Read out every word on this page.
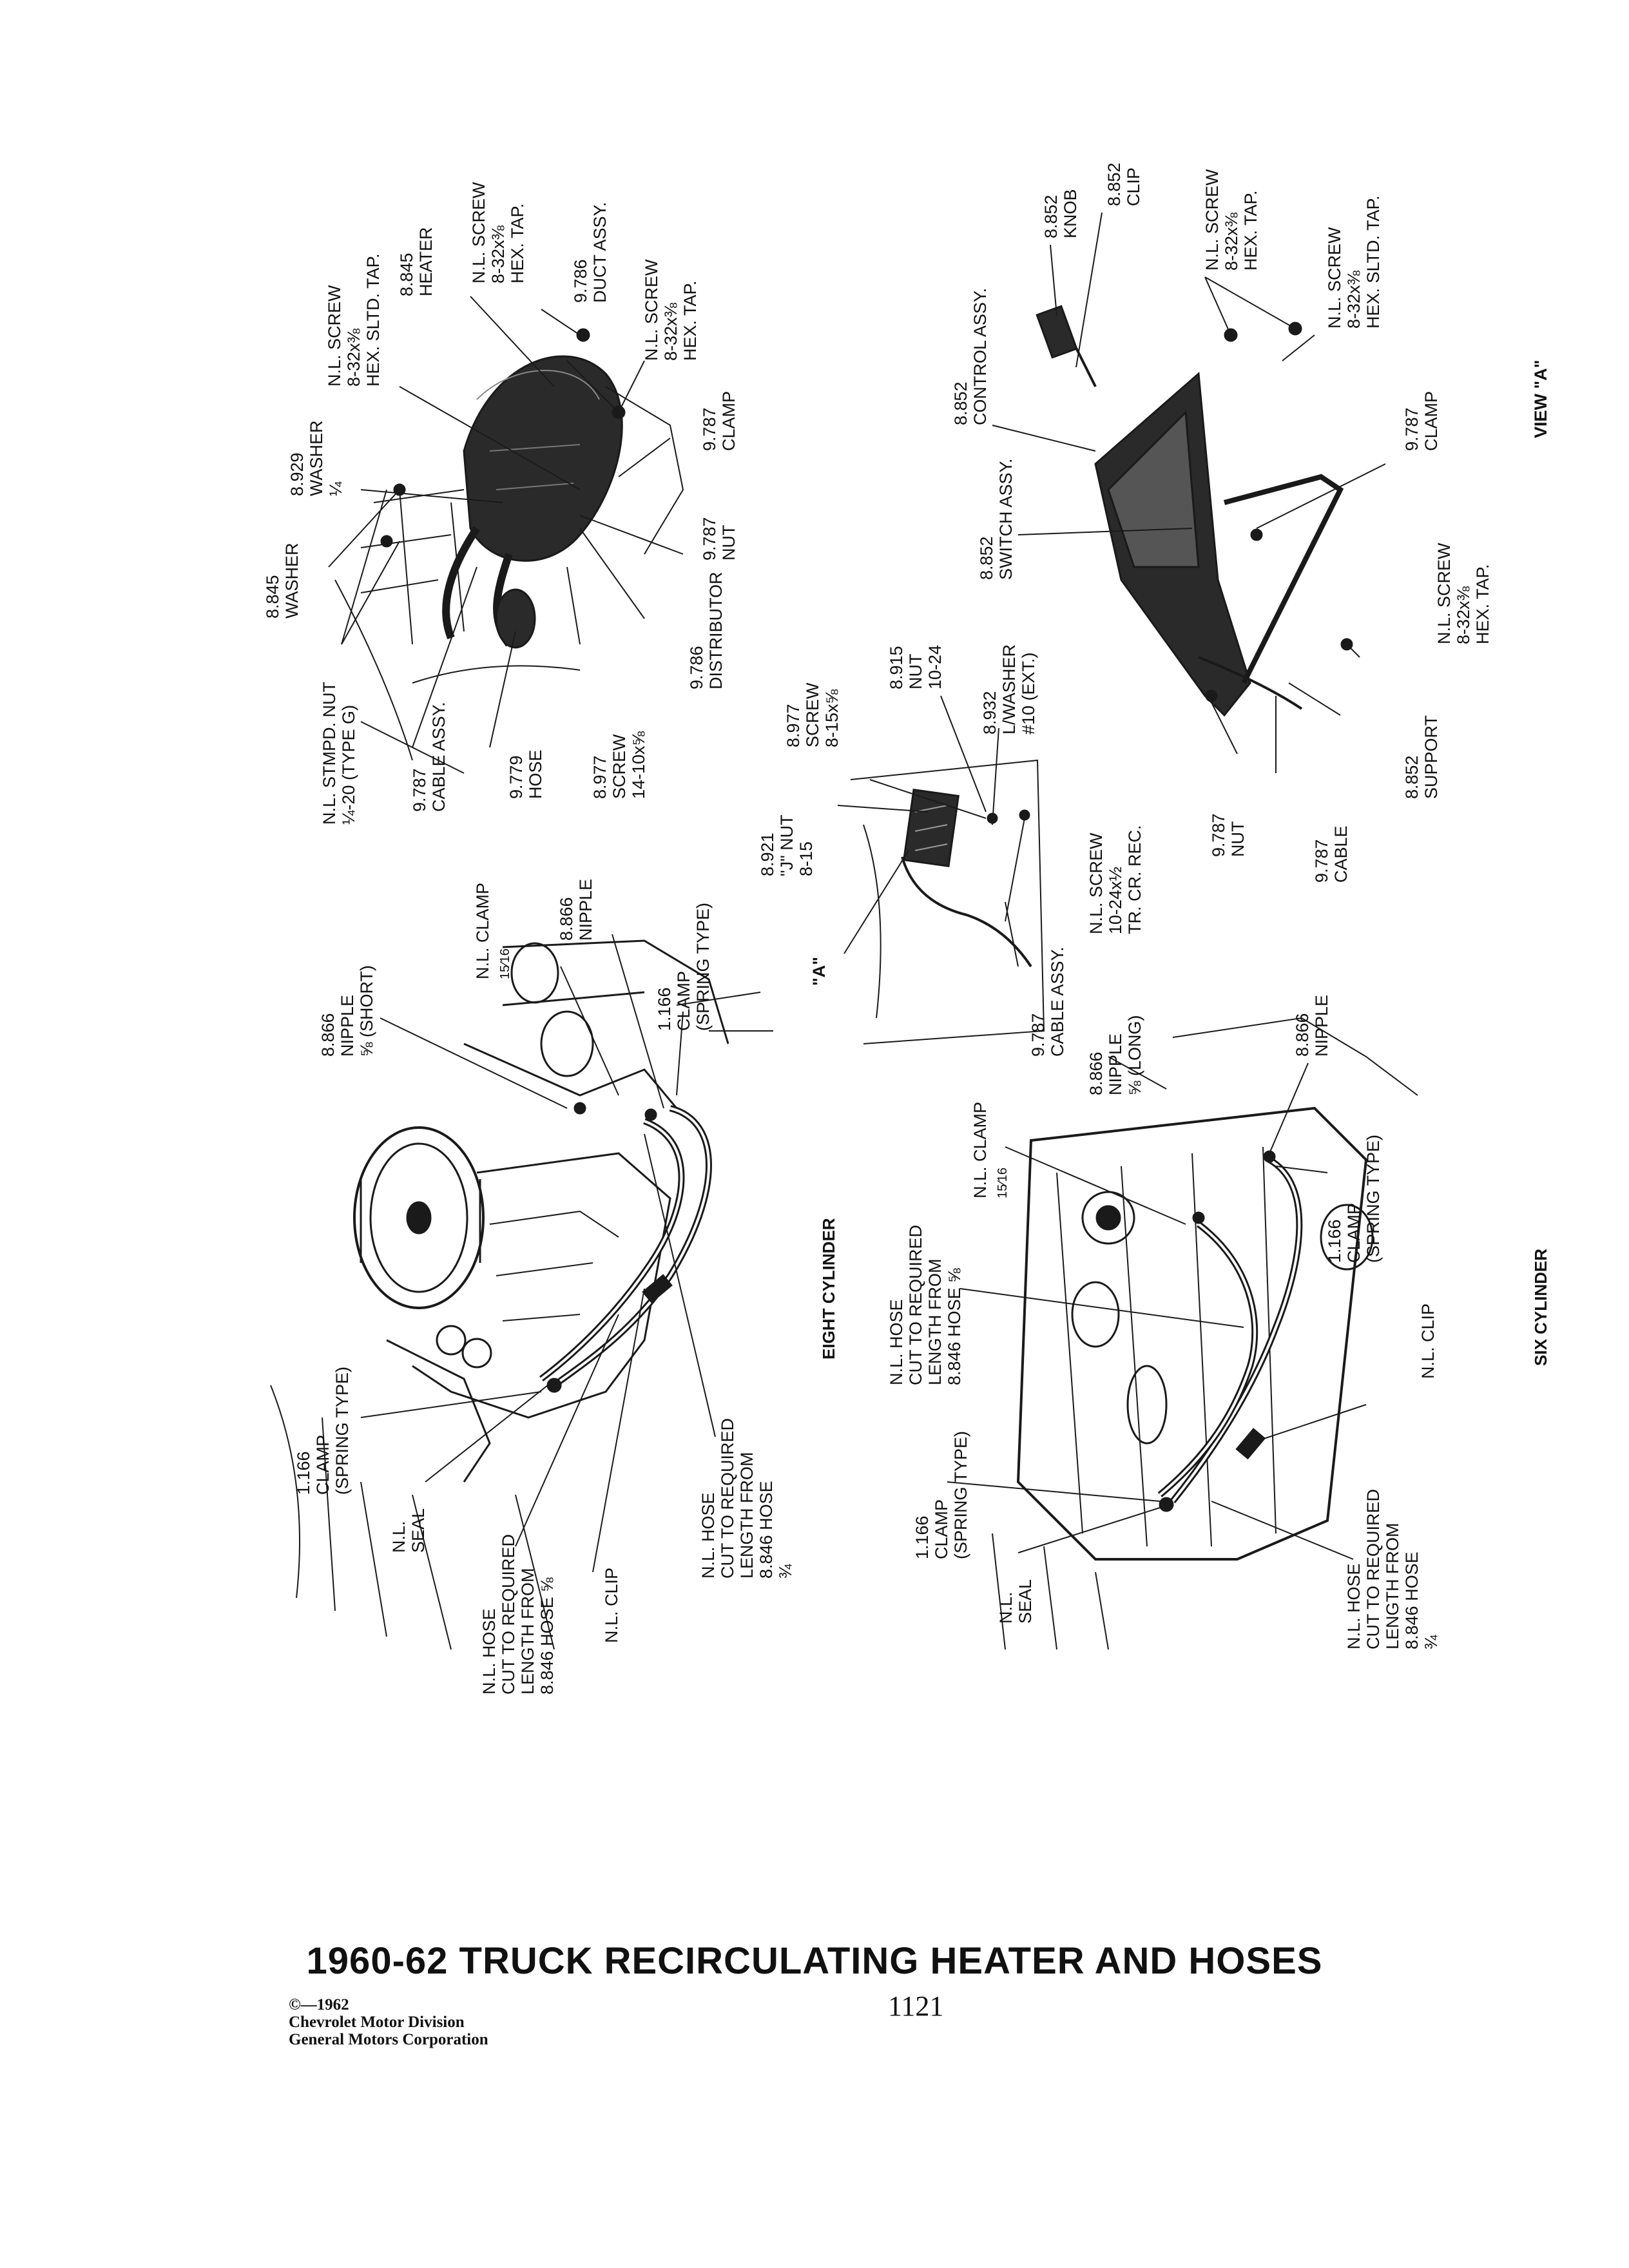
EIGHT CYLINDER
1.166 CLAMP (SPRING TYPE)
N.L. SEAL
N.L. HOSE CUT TO REQUIRED LENGTH FROM 8.846 HOSE ⅝	N.L. CLIP
N.L. HOSE CUT TO REQUIRED LENGTH FROM 8.846 HOSE ¾
8.866 NIPPLE ⅝ (SHORT)
N.L. CLAMP 15⁄16
8.866 NIPPLE
1.166 CLAMP (SPRING TYPE)
N.L. STMPD. NUT ¼-20 (TYPE G)
8.845 WASHER
8.929 WASHER ¼
N.L. SCREW 8-32x⅜ HEX. SLTD. TAP. 8.845 HEATER N.L. SCREW 8-32x⅜ HEX. TAP.	9.786 DUCT ASSY.
N.L. SCREW 8-32x⅜ HEX. TAP.
9.787 CLAMP
9.787 NUT
9.786 DISTRIBUTOR
8.977 SCREW 14-10x⅝
9.779 HOSE
9.787 CABLE ASSY.	8.977 SCREW 8-15x⅝
8.915 NUT 10-24
8.921 "J" NUT 8-15
8.932 L/WASHER #10 (EXT.)
N.L. SCREW 10-24x½ TR. CR. REC.
"A"
9.787 CABLE ASSY.
VIEW "A"
8.852 KNOB
8.852 CLIP
8.852 CONTROL ASSY.
N.L. SCREW 8-32x⅜ HEX. TAP.	N.L. SCREW 8-32x⅜ HEX. SLTD. TAP.
8.852 SWITCH ASSY.
9.787 CLAMP
N.L. SCREW 8-32x⅜ HEX. TAP.
8.852 SUPPORT
9.787 NUT
9.787 CABLE
SIX CYLINDER
8.866 NIPPLE ⅝ (LONG)	8.866 NIPPLE
N.L. CLAMP 15⁄16
N.L. HOSE CUT TO REQUIRED LENGTH FROM 8.846 HOSE ⅝
1.166 CLAMP (SPRING TYPE)
N.L. CLIP
1.166 CLAMP (SPRING TYPE)
N.L. SEAL	N.L. HOSE CUT TO REQUIRED LENGTH FROM 8.846 HOSE ¾
1960-62 TRUCK RECIRCULATING HEATER AND HOSES
©—1962
Chevrolet Motor Division
General Motors Corporation
1121
